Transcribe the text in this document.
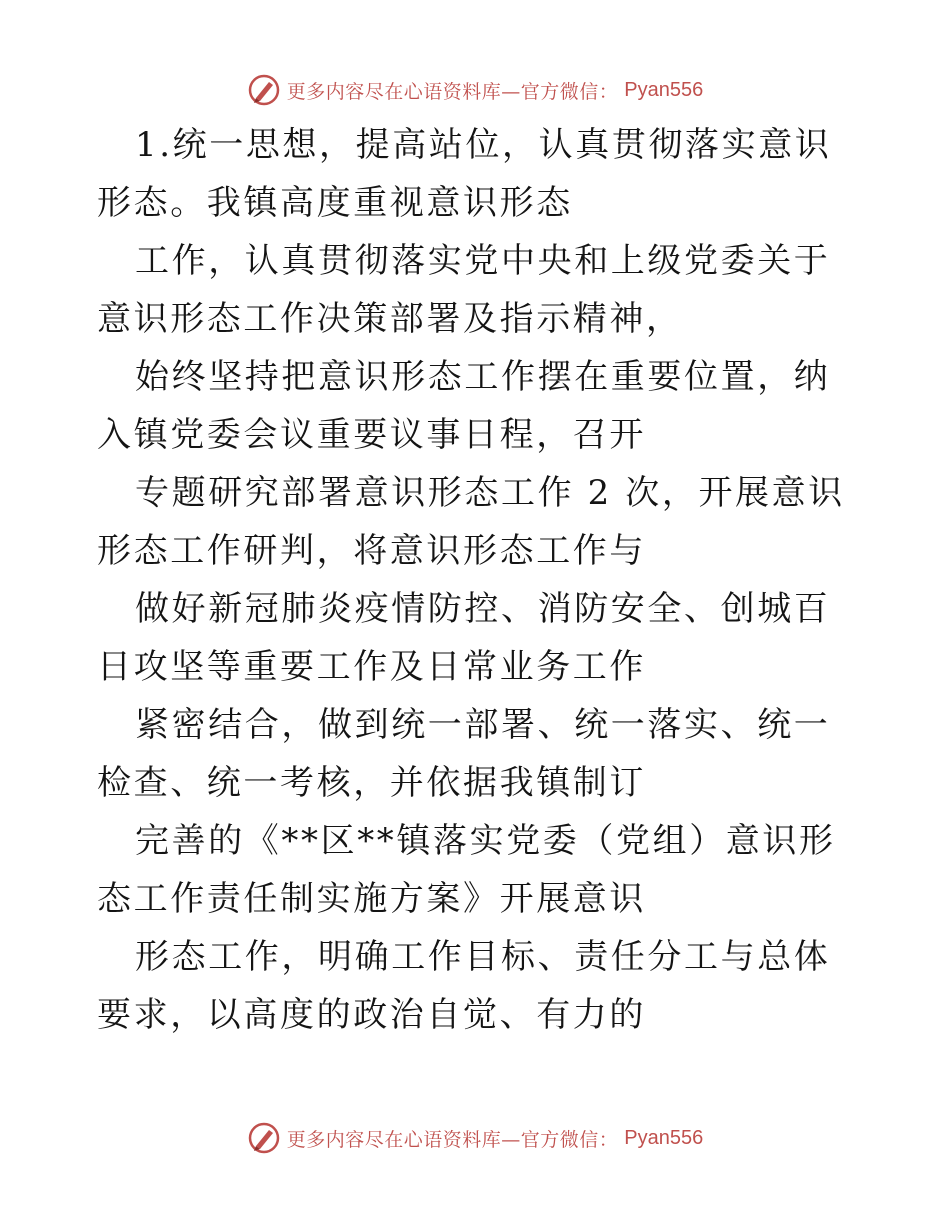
更多内容尽在心语资料库—官方微信： Pyan556

1.统一思想，提高站位，认真贯彻落实意识形态。我镇高度重视意识形态

工作，认真贯彻落实党中央和上级党委关于意识形态工作决策部署及指示精神，

始终坚持把意识形态工作摆在重要位置，纳入镇党委会议重要议事日程，召开

专题研究部署意识形态工作 2 次，开展意识形态工作研判，将意识形态工作与

做好新冠肺炎疫情防控、消防安全、创城百日攻坚等重要工作及日常业务工作

紧密结合，做到统一部署、统一落实、统一检查、统一考核，并依据我镇制订

完善的《**区**镇落实党委（党组）意识形态工作责任制实施方案》开展意识

形态工作，明确工作目标、责任分工与总体要求，以高度的政治自觉、有力的

更多内容尽在心语资料库—官方微信： Pyan556
